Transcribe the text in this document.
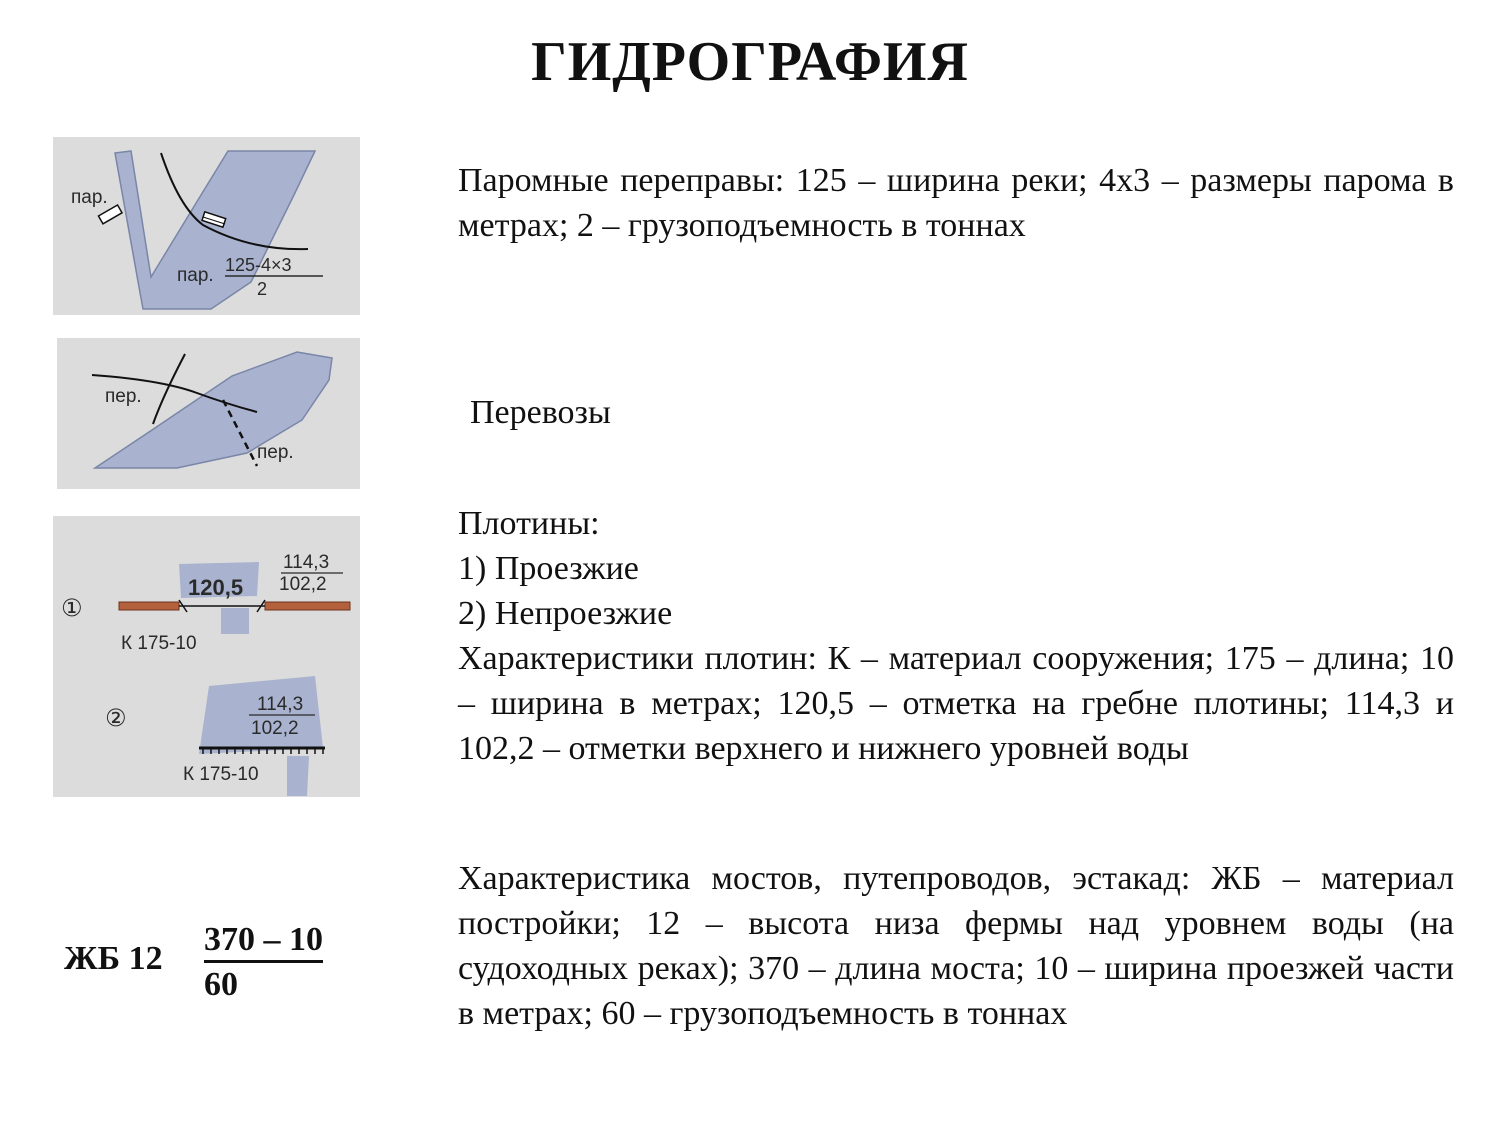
ГИДРОГРАФИЯ
пар.
пар. 125-4×3
2
пер.
пер.
①
120,5
114,3
102,2
К 175-10
②
114,3
102,2
К 175-10
ЖБ 12
370 – 10
60

Паромные переправы: 125 – ширина реки; 4х3 – размеры парома в метрах; 2 – грузоподъемность в тоннах

Перевозы

Плотины:
1) Проезжие
2) Непроезжие

Характеристики плотин: К – материал сооружения; 175 – длина; 10 – ширина в метрах; 120,5 – отметка на гребне плотины; 114,3 и 102,2 – отметки верхнего и нижнего уровней воды

Характеристика мостов, путепроводов, эстакад: ЖБ – материал постройки; 12 – высота низа фермы над уровнем воды (на судоходных реках); 370 – длина моста; 10 – ширина проезжей части в метрах; 60 – грузоподъемность в тоннах
